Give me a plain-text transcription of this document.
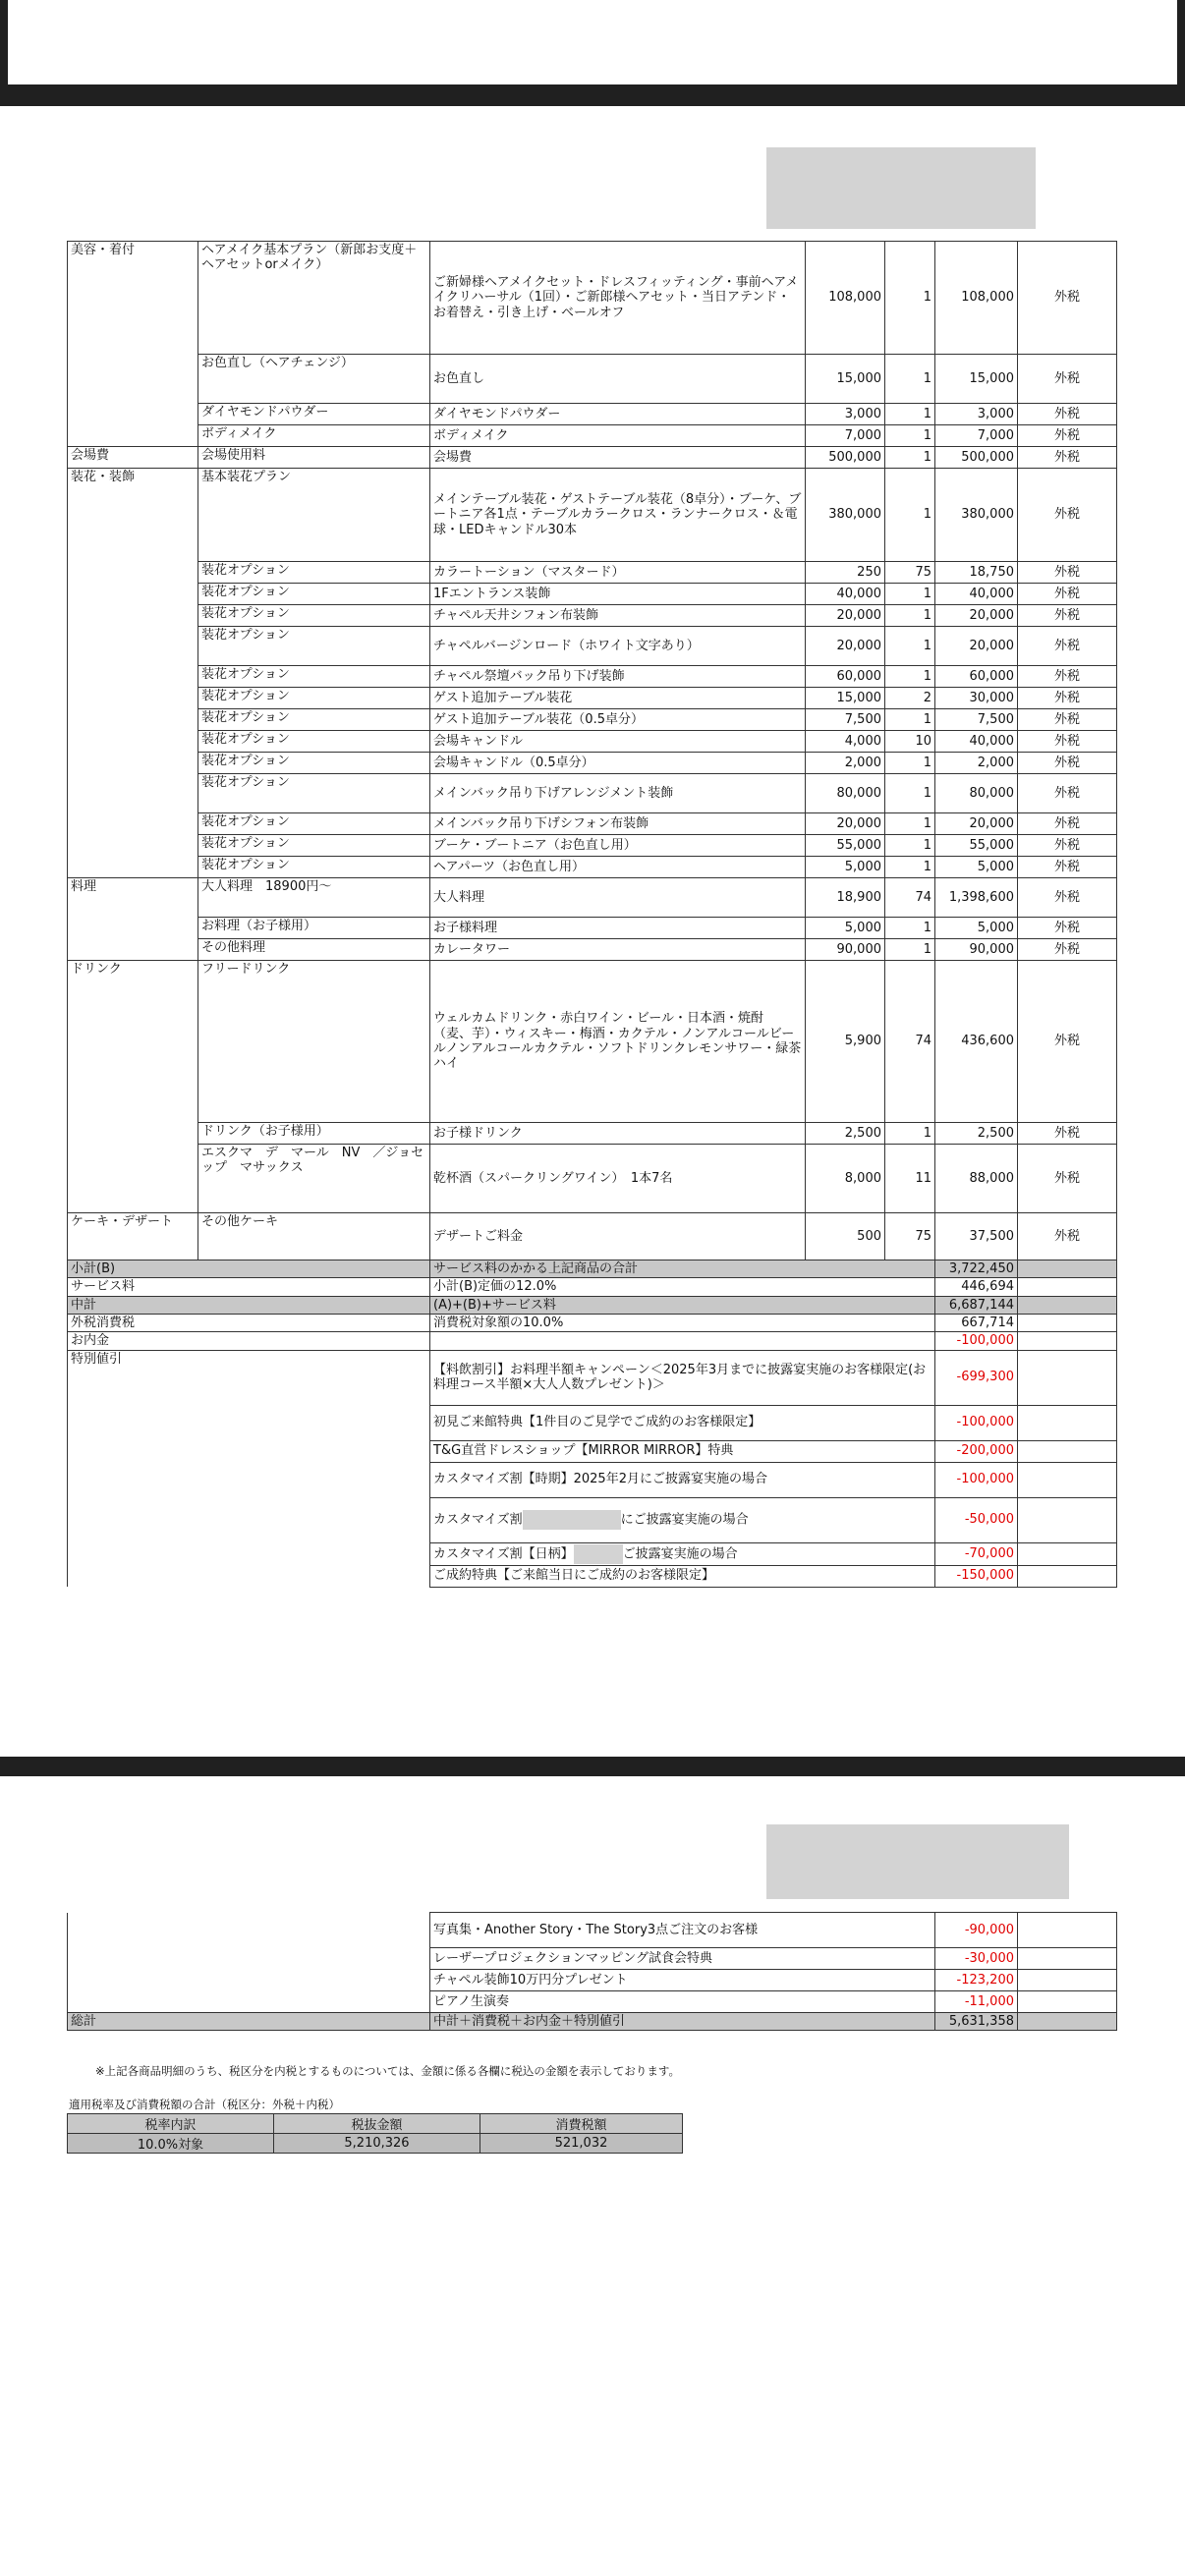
美容・着付	ヘアメイク基本プラン（新郎お支度＋ヘアセットorメイク）	ご新婦様ヘアメイクセット・ドレスフィッティング・事前ヘアメイクリハーサル（1回）・ご新郎様ヘアセット・当日アテンド・お着替え・引き上げ・ベールオフ	108,000	1	108,000	外税
	お色直し（ヘアチェンジ）	お色直し	15,000	1	15,000	外税
	ダイヤモンドパウダー	ダイヤモンドパウダー	3,000	1	3,000	外税
	ボディメイク	ボディメイク	7,000	1	7,000	外税
会場費	会場使用料	会場費	500,000	1	500,000	外税
装花・装飾	基本装花プラン	メインテーブル装花・ゲストテーブル装花（8卓分）・ブーケ、ブートニア各1点・テーブルカラークロス・ランナークロス・＆電球・LEDキャンドル30本	380,000	1	380,000	外税
	装花オプション	カラートーション（マスタード）	250	75	18,750	外税
	装花オプション	1Fエントランス装飾	40,000	1	40,000	外税
	装花オプション	チャペル天井シフォン布装飾	20,000	1	20,000	外税
	装花オプション	チャペルバージンロード（ホワイト文字あり）	20,000	1	20,000	外税
	装花オプション	チャペル祭壇バック吊り下げ装飾	60,000	1	60,000	外税
	装花オプション	ゲスト追加テーブル装花	15,000	2	30,000	外税
	装花オプション	ゲスト追加テーブル装花（0.5卓分）	7,500	1	7,500	外税
	装花オプション	会場キャンドル	4,000	10	40,000	外税
	装花オプション	会場キャンドル（0.5卓分）	2,000	1	2,000	外税
	装花オプション	メインバック吊り下げアレンジメント装飾	80,000	1	80,000	外税
	装花オプション	メインバック吊り下げシフォン布装飾	20,000	1	20,000	外税
	装花オプション	ブーケ・ブートニア（お色直し用）	55,000	1	55,000	外税
	装花オプション	ヘアパーツ（お色直し用）	5,000	1	5,000	外税
料理	大人料理　18900円～	大人料理	18,900	74	1,398,600	外税
	お料理（お子様用）	お子様料理	5,000	1	5,000	外税
	その他料理	カレータワー	90,000	1	90,000	外税
ドリンク	フリードリンク	ウェルカムドリンク・赤白ワイン・ビール・日本酒・焼酎（麦、芋）・ウィスキー・梅酒・カクテル・ノンアルコールビールノンアルコールカクテル・ソフトドリンクレモンサワー・緑茶ハイ	5,900	74	436,600	外税
	ドリンク（お子様用）	お子様ドリンク	2,500	1	2,500	外税
	エスクマ　デ　マール　NV　／ジョセップ　マサックス	乾杯酒（スパークリングワイン）　1本7名	8,000	11	88,000	外税
ケーキ・デザート	その他ケーキ	デザートご料金	500	75	37,500	外税
小計(B)		サービス料のかかる上記商品の合計			3,722,450	
サービス料		小計(B)定価の12.0%			446,694	
中計		(A)+(B)+サービス料			6,687,144	
外税消費税		消費税対象額の10.0%			667,714	
お内金					-100,000	
特別値引		【料飲割引】お料理半額キャンペーン＜2025年3月までに披露宴実施のお客様限定(お料理コース半額×大人人数プレゼント)＞			-699,300	
		初見ご来館特典【1件目のご見学でご成約のお客様限定】			-100,000	
		T&G直営ドレスショップ【MIRROR MIRROR】特典			-200,000	
		カスタマイズ割【時期】2025年2月にご披露宴実施の場合			-100,000	
		カスタマイズ割 にご披露宴実施の場合			-50,000	
		カスタマイズ割【日柄】 ご披露宴実施の場合			-70,000	
		ご成約特典【ご来館当日にご成約のお客様限定】			-150,000	
	写真集・Another Story・The Story3点ご注文のお客様	-90,000	
	レーザープロジェクションマッピング試食会特典	-30,000	
	チャペル装飾10万円分プレゼント	-123,200	
	ピアノ生演奏	-11,000	
総計	中計＋消費税＋お内金＋特別値引	5,631,358	
※上記各商品明細のうち、税区分を内税とするものについては、金額に係る各欄に税込の金額を表示しております。
適用税率及び消費税額の合計（税区分：外税＋内税）
税率内訳	税抜金額	消費税額
10.0%対象	5,210,326	521,032
